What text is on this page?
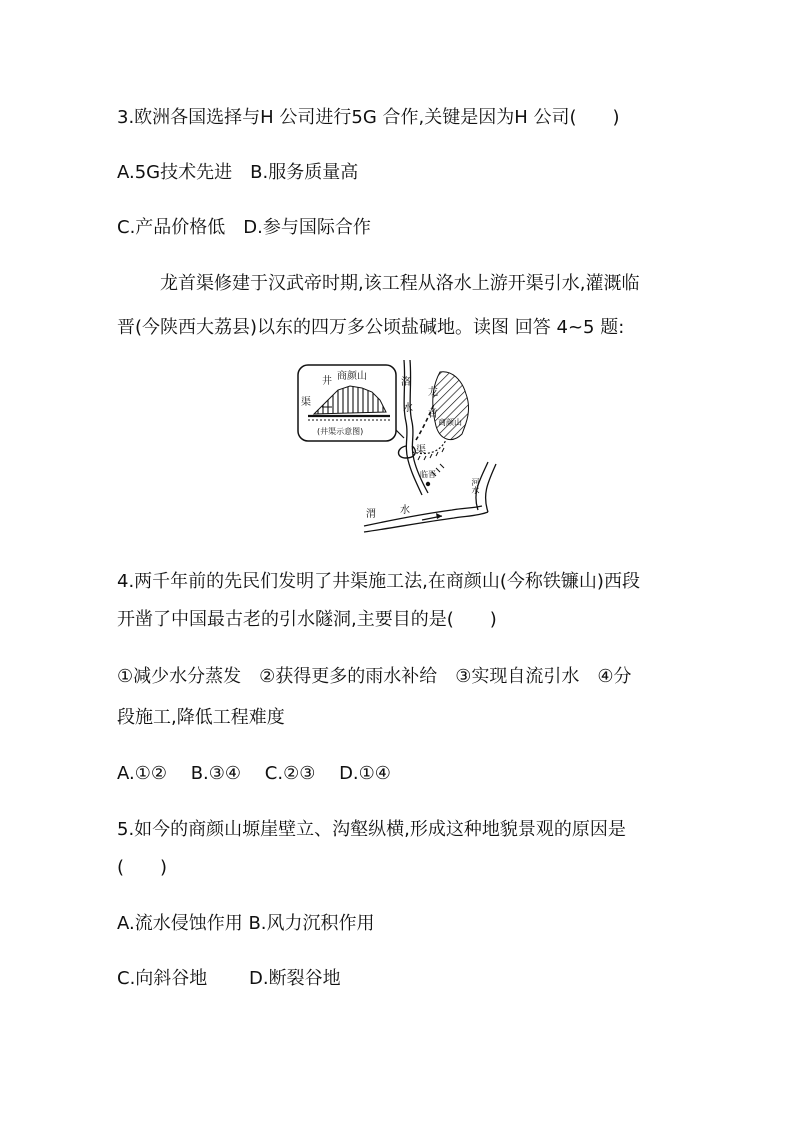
3.欧洲各国选择与H 公司进行5G 合作,关键是因为H 公司(　　)
A.5G技术先进　B.服务质量高
C.产品价格低　D.参与国际合作
龙首渠修建于汉武帝时期,该工程从洛水上游开渠引水,灌溉临
晋(今陕西大荔县)以东的四万多公顷盐碱地。读图 回答 4~5 题:
井 商颜山
渠
(井渠示意图)
洛
水
龙
首
商颜山
渠
临晋
河水
渭 水
4.两千年前的先民们发明了井渠施工法,在商颜山(今称铁镰山)西段
开凿了中国最古老的引水隧洞,主要目的是(　　)
①减少水分蒸发　②获得更多的雨水补给　③实现自流引水　④分
段施工,降低工程难度
A.①②　 B.③④　 C.②③　 D.①④
5.如今的商颜山塬崖壁立、沟壑纵横,形成这种地貌景观的原因是
(　　)
A.流水侵蚀作用 B.风力沉积作用
C.向斜谷地　　 D.断裂谷地
